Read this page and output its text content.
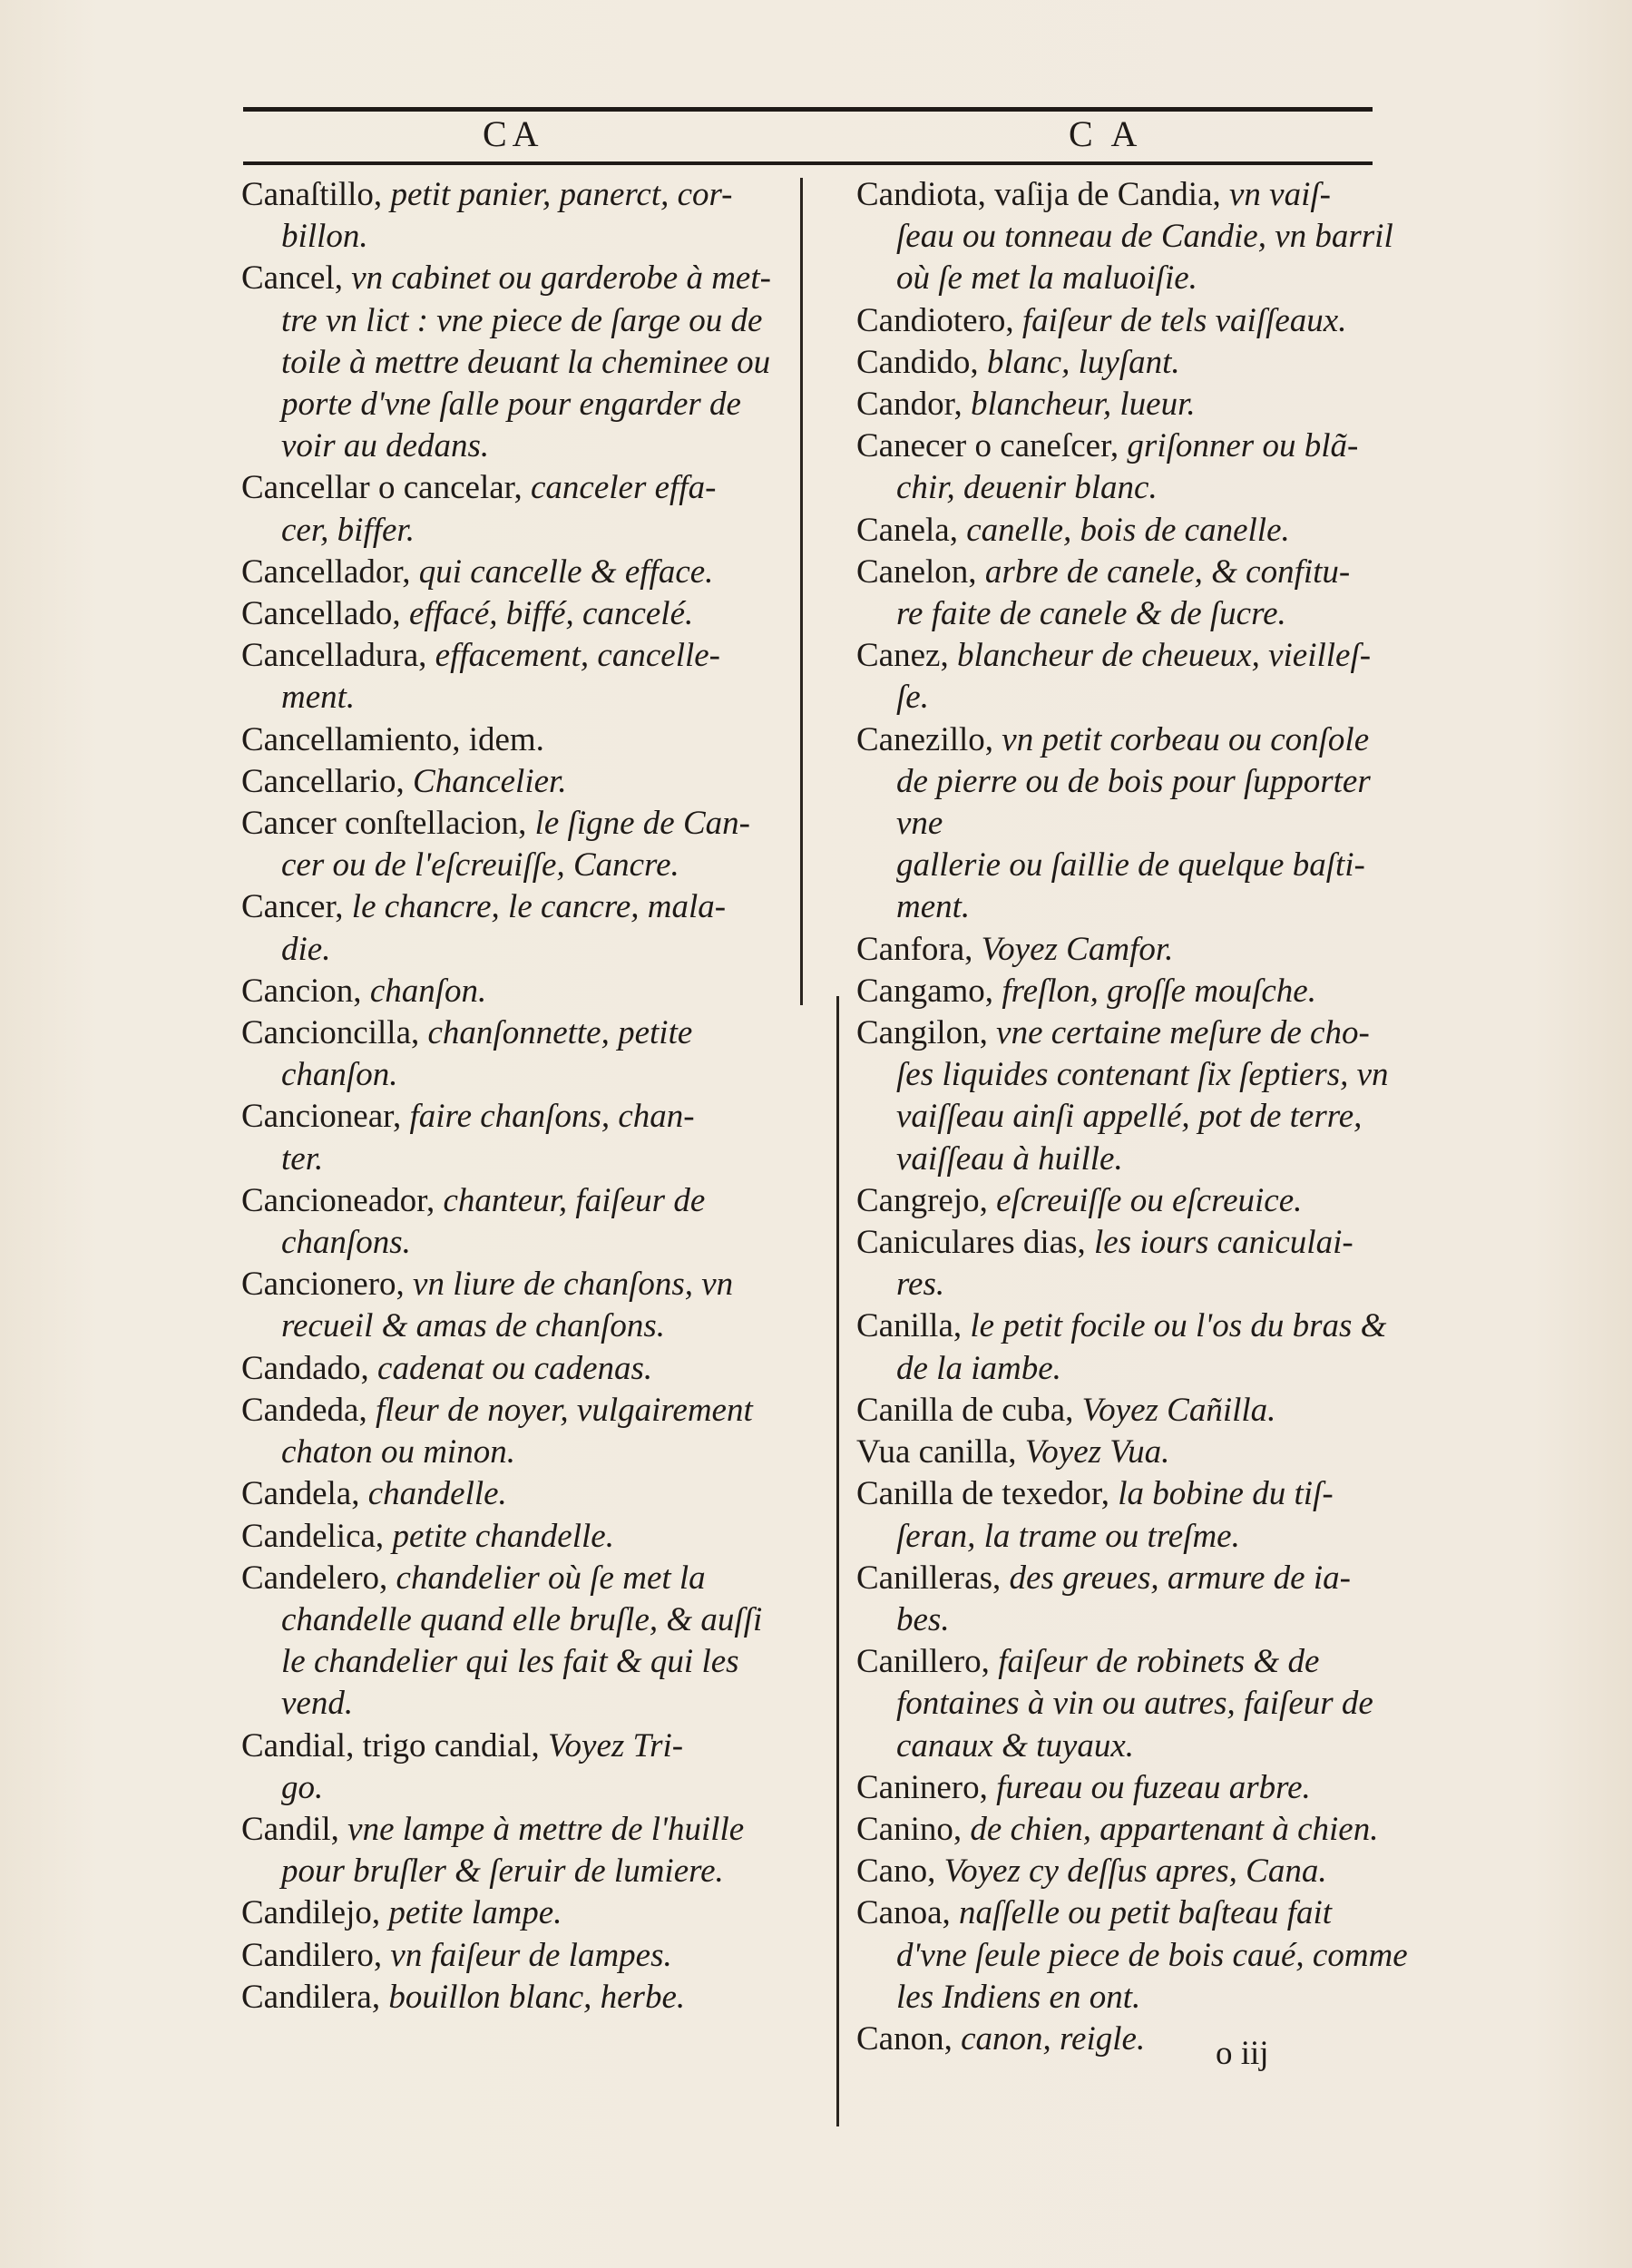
CA	C A
Canaſtillo, petit panier, panerct, cor-
billon.
Cancel, vn cabinet ou garderobe à met-
tre vn lict : vne piece de ſarge ou de
toile à mettre deuant la cheminee ou
porte d'vne ſalle pour engarder de
voir au dedans.
Cancellar o cancelar, canceler effa-
cer, biffer.
Cancellador, qui cancelle & efface.
Cancellado, effacé, biffé, cancelé.
Cancelladura, effacement, cancelle-
ment.
Cancellamiento, idem.
Cancellario, Chancelier.
Cancer conſtellacion, le ſigne de Can-
cer ou de l'eſcreuiſſe, Cancre.
Cancer, le chancre, le cancre, mala-
die.
Cancion, chanſon.
Cancioncilla, chanſonnette, petite
chanſon.
Cancionear, faire chanſons, chan-
ter.
Cancioneador, chanteur, faiſeur de
chanſons.
Cancionero, vn liure de chanſons, vn
recueil & amas de chanſons.
Candado, cadenat ou cadenas.
Candeda, fleur de noyer, vulgairement
chaton ou minon.
Candela, chandelle.
Candelica, petite chandelle.
Candelero, chandelier où ſe met la
chandelle quand elle bruſle, & auſſi
le chandelier qui les fait & qui les
vend.
Candial, trigo candial, Voyez Tri-
go.
Candil, vne lampe à mettre de l'huille
pour bruſler & ſeruir de lumiere.
Candilejo, petite lampe.
Candilero, vn faiſeur de lampes.
Candilera, bouillon blanc, herbe.
Candiota, vaſija de Candia, vn vaiſ-
ſeau ou tonneau de Candie, vn barril
où ſe met la maluoiſie.
Candiotero, faiſeur de tels vaiſſeaux.
Candido, blanc, luyſant.
Candor, blancheur, lueur.
Canecer o caneſcer, griſonner ou blã-
chir, deuenir blanc.
Canela, canelle, bois de canelle.
Canelon, arbre de canele, & confitu-
re faite de canele & de ſucre.
Canez, blancheur de cheueux, vieilleſ-
ſe.
Canezillo, vn petit corbeau ou conſole
de pierre ou de bois pour ſupporter vne
gallerie ou ſaillie de quelque baſti-
ment.
Canfora, Voyez Camfor.
Cangamo, freſlon, groſſe mouſche.
Cangilon, vne certaine meſure de cho-
ſes liquides contenant ſix ſeptiers, vn
vaiſſeau ainſi appellé, pot de terre,
vaiſſeau à huille.
Cangrejo, eſcreuiſſe ou eſcreuice.
Caniculares dias, les iours caniculai-
res.
Canilla, le petit focile ou l'os du bras &
de la iambe.
Canilla de cuba, Voyez Cañilla.
Vua canilla, Voyez Vua.
Canilla de texedor, la bobine du tiſ-
ſeran, la trame ou treſme.
Canilleras, des greues, armure de ia-
bes.
Canillero, faiſeur de robinets & de
fontaines à vin ou autres, faiſeur de
canaux & tuyaux.
Caninero, fureau ou fuzeau arbre.
Canino, de chien, appartenant à chien.
Cano, Voyez cy deſſus apres, Cana.
Canoa, naſſelle ou petit baſteau fait
d'vne ſeule piece de bois caué, comme
les Indiens en ont.
Canon, canon, reigle.	o iij
